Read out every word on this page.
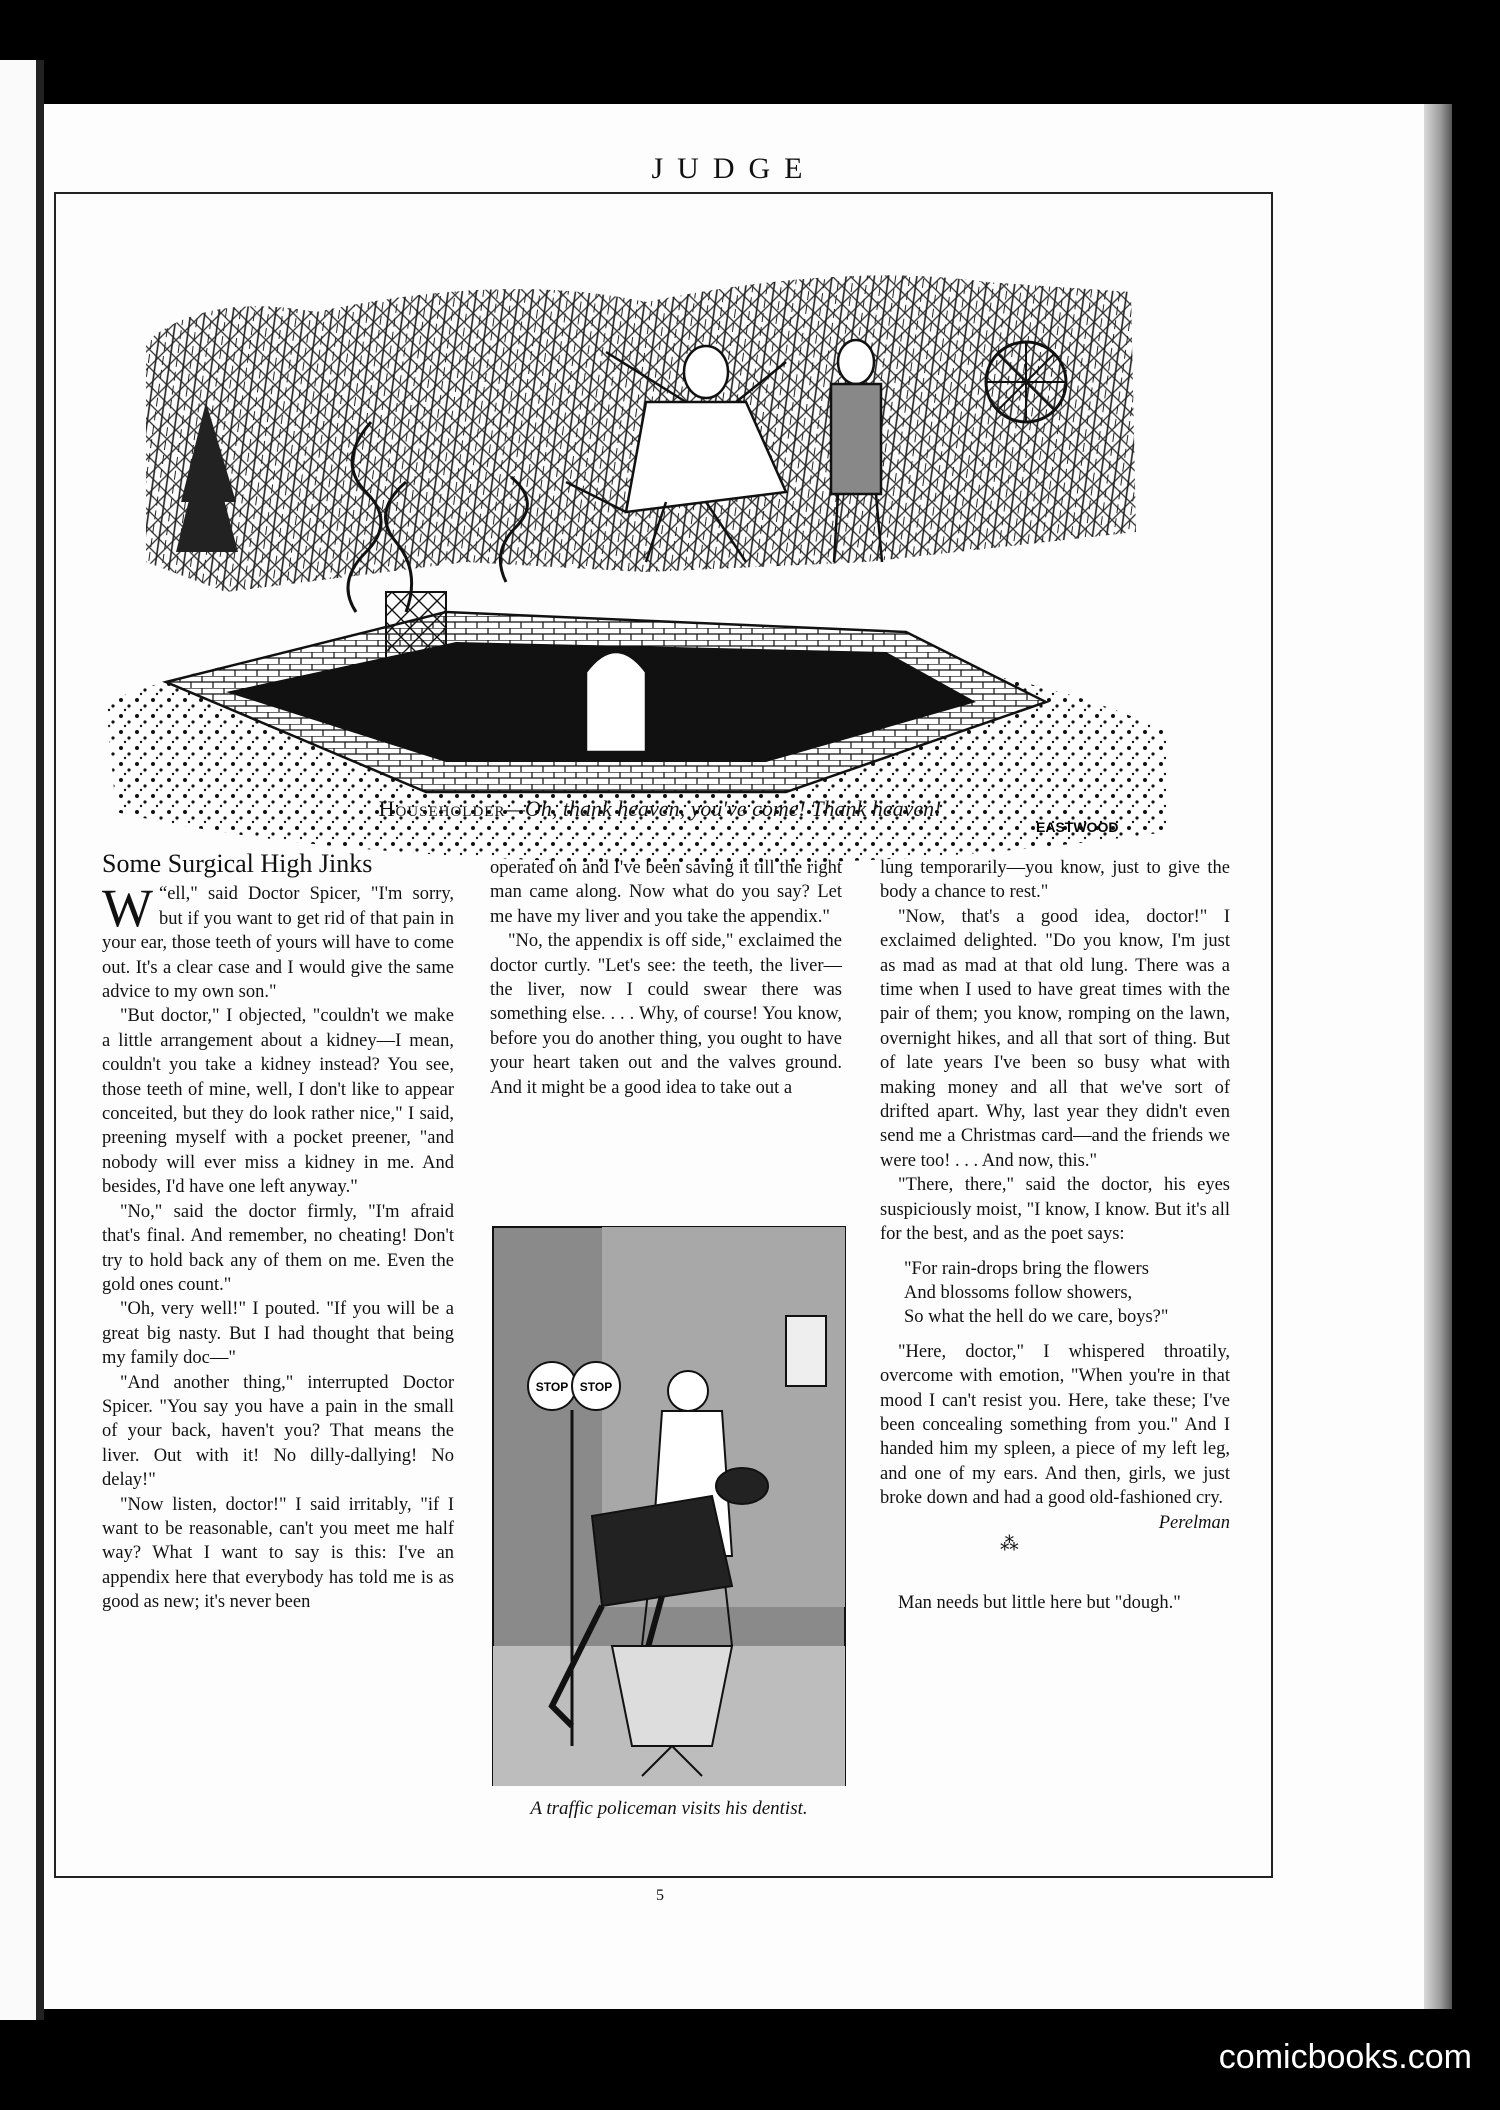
JUDGE
EASTWOOD
Householder—Oh, thank heaven, you've come! Thank heaven!
Some Surgical High Jinks

“
W ell," said Doctor Spicer, "I'm sorry, but if you want to get rid of that pain in your ear, those teeth of yours will have to come out. It's a clear case and I would give the same advice to my own son."

"But doctor," I objected, "couldn't we make a little arrangement about a kidney—I mean, couldn't you take a kidney instead? You see, those teeth of mine, well, I don't like to appear conceited, but they do look rather nice," I said, preening myself with a pocket preener, "and nobody will ever miss a kidney in me. And besides, I'd have one left anyway."

"No," said the doctor firmly, "I'm afraid that's final. And remember, no cheating! Don't try to hold back any of them on me. Even the gold ones count."

"Oh, very well!" I pouted. "If you will be a great big nasty. But I had thought that being my family doc—"

"And another thing," interrupted Doctor Spicer. "You say you have a pain in the small of your back, haven't you? That means the liver. Out with it! No dilly-dallying! No delay!"

"Now listen, doctor!" I said irritably, "if I want to be reasonable, can't you meet me half way? What I want to say is this: I've an appendix here that everybody has told me is as good as new; it's never been

operated on and I've been saving it till the right man came along. Now what do you say? Let me have my liver and you take the appendix."

"No, the appendix is off side," exclaimed the doctor curtly. "Let's see: the teeth, the liver—the liver, now I could swear there was something else. . . . Why, of course! You know, before you do another thing, you ought to have your heart taken out and the valves ground. And it might be a good idea to take out a

STOP STOP
A traffic policeman visits his dentist.

lung temporarily—you know, just to give the body a chance to rest."

"Now, that's a good idea, doctor!" I exclaimed delighted. "Do you know, I'm just as mad as mad at that old lung. There was a time when I used to have great times with the pair of them; you know, romping on the lawn, overnight hikes, and all that sort of thing. But of late years I've been so busy what with making money and all that we've sort of drifted apart. Why, last year they didn't even send me a Christmas card—and the friends we were too! . . . And now, this."

"There, there," said the doctor, his eyes suspiciously moist, "I know, I know. But it's all for the best, and as the poet says:

"For rain-drops bring the flowers
And blossoms follow showers,
So what the hell do we care, boys?"

"Here, doctor," I whispered throatily, overcome with emotion, "When you're in that mood I can't resist you. Here, take these; I've been concealing something from you." And I handed him my spleen, a piece of my left leg, and one of my ears. And then, girls, we just broke down and had a good old-fashioned cry.
Perelman

⁂

Man needs but little here but "dough."

5
comicbooks.com
